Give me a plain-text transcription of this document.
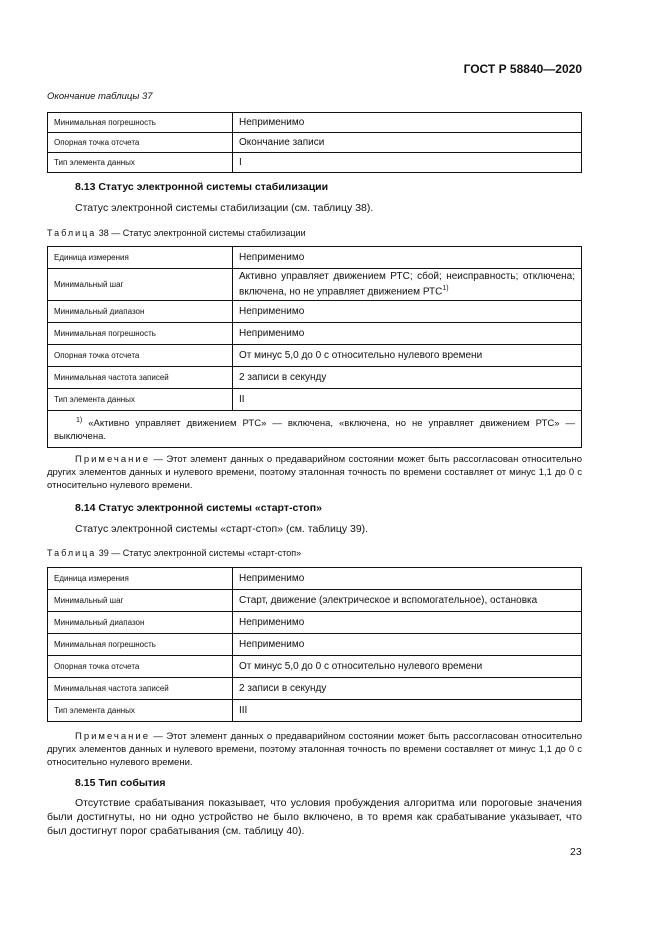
ГОСТ Р 58840—2020
Окончание таблицы 37
Минимальная погрешность	Неприменимо
Опорная точка отсчета	Окончание записи
Тип элемента данных	I
8.13 Статус электронной системы стабилизации
Статус электронной системы стабилизации (см. таблицу 38).
Таблица 38 — Статус электронной системы стабилизации
Единица измерения	Неприменимо
Минимальный шаг	Активно управляет движением РТС; сбой; неисправность; отключена; включена, но не управляет движением РТС$^{1)}$
Минимальный диапазон	Неприменимо
Минимальная погрешность	Неприменимо
Опорная точка отсчета	От минус 5,0 до 0 с относительно нулевого времени
Минимальная частота записей	2 записи в секунду
Тип элемента данных	II
$^{1)}$ «Активно управляет движением РТС» — включена, «включена, но не управляет движением РТС» — выключена.	
Примечание — Этот элемент данных о предаварийном состоянии может быть рассогласован относительно других элементов данных и нулевого времени, поэтому эталонная точность по времени составляет от минус 1,1 до 0 с относительно нулевого времени.
8.14 Статус электронной системы «старт-стоп»
Статус электронной системы «старт-стоп» (см. таблицу 39).
Таблица 39 — Статус электронной системы «старт-стоп»
Единица измерения	Неприменимо
Минимальный шаг	Старт, движение (электрическое и вспомогательное), остановка
Минимальный диапазон	Неприменимо
Минимальная погрешность	Неприменимо
Опорная точка отсчета	От минус 5,0 до 0 с относительно нулевого времени
Минимальная частота записей	2 записи в секунду
Тип элемента данных	III
Примечание — Этот элемент данных о предаварийном состоянии может быть рассогласован относительно других элементов данных и нулевого времени, поэтому эталонная точность по времени составляет от минус 1,1 до 0 с относительно нулевого времени.
8.15 Тип события
Отсутствие срабатывания показывает, что условия пробуждения алгоритма или пороговые значения были достигнуты, но ни одно устройство не было включено, в то время как срабатывание указывает, что был достигнут порог срабатывания (см. таблицу 40).
23
